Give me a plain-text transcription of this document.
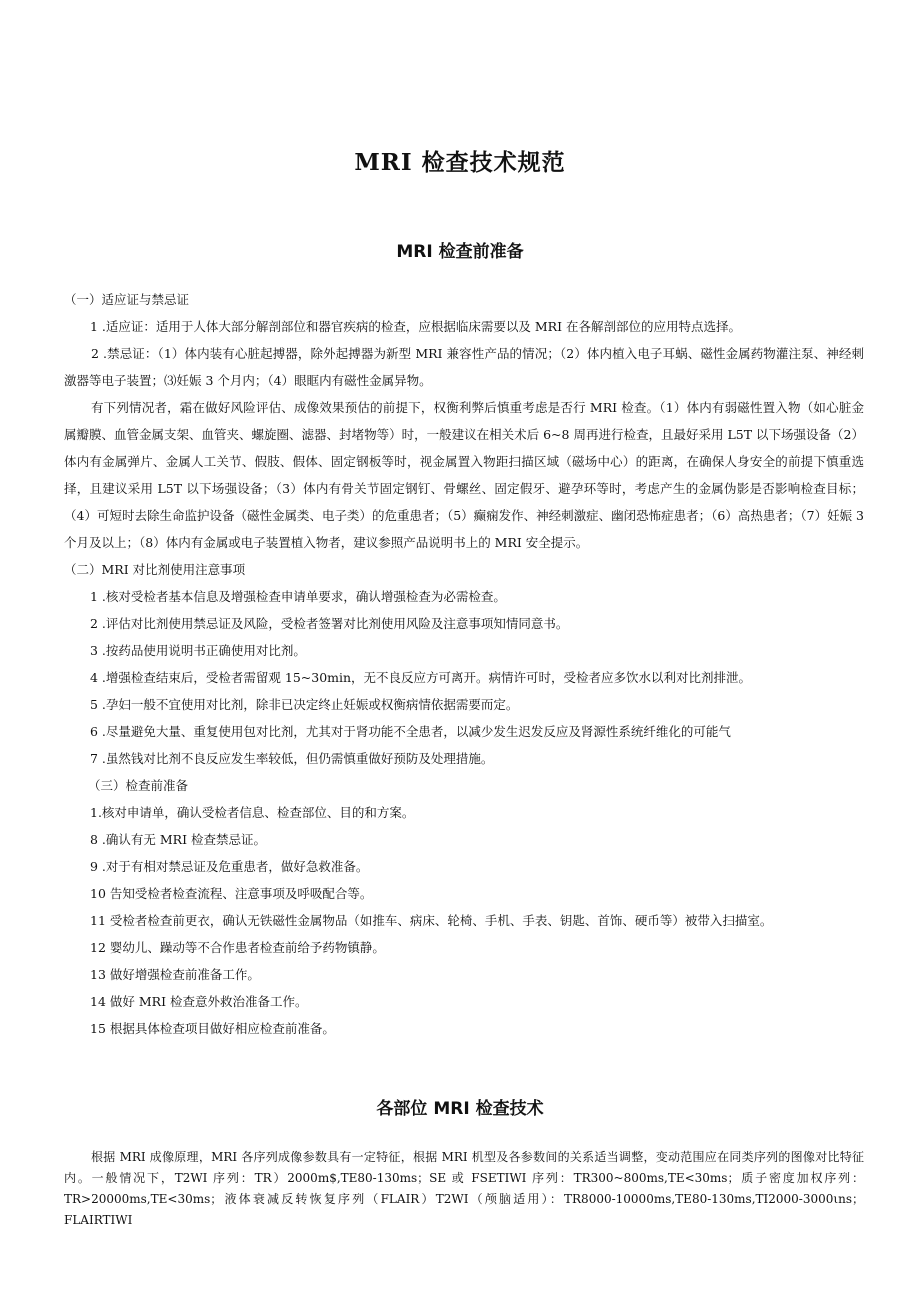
MRI 检查技术规范
MRI 检查前准备
（一）适应证与禁忌证
1 .适应证：适用于人体大部分解剖部位和器官疾病的检查，应根据临床需要以及 MRI 在各解剖部位的应用特点选择。
2 .禁忌证：（1）体内装有心脏起搏器，除外起搏器为新型 MRI 兼容性产品的情况；（2）体内植入电子耳蜗、磁性金属药物灌注泵、神经刺激器等电子装置；⑶妊娠 3 个月内；（4）眼眶内有磁性金属异物。
有下列情况者，霜在做好风险评估、成像效果预估的前提下，权衡利弊后慎重考虑是否行 MRI 检查。（1）体内有弱磁性置入物（如心脏金属瓣膜、血管金属支架、血管夹、螺旋圈、滤器、封堵物等）时，一般建议在相关术后 6~8 周再进行检查，且最好采用 L5T 以下场强设备（2）体内有金属弹片、金属人工关节、假肢、假体、固定钢板等时，视金属置入物距扫描区域（磁场中心）的距离，在确保人身安全的前提下慎重选择，且建议采用 L5T 以下场强设备；（3）体内有骨关节固定钢钉、骨螺丝、固定假牙、避孕环等时，考虑产生的金属伪影是否影响检查目标；（4）可短时去除生命监护设备（磁性金属类、电子类）的危重患者；（5）癫痫发作、神经刺激症、幽闭恐怖症患者；（6）高热患者；（7）妊娠 3 个月及以上；（8）体内有金属或电子装置植入物者，建议参照产品说明书上的 MRI 安全提示。
（二）MRI 对比剂使用注意事项
1 .核对受检者基本信息及增强检查申请单要求，确认增强检查为必需检查。
2 .评估对比剂使用禁忌证及风险，受检者签署对比剂使用风险及注意事项知情同意书。
3 .按药品使用说明书正确使用对比剂。
4 .增强检查结束后，受检者需留观 15~30min，无不良反应方可离开。病情许可时，受检者应多饮水以利对比剂排泄。
5 .孕妇一般不宜使用对比剂，除非已决定终止妊娠或权衡病情依据需要而定。
6 .尽量避免大量、重复使用包对比剂，尤其对于肾功能不全患者，以减少发生迟发反应及肾源性系统纤维化的可能气
7 .虽然钱对比剂不良反应发生率较低，但仍需慎重做好预防及处理措施。
（三）检查前准备
1.核对申请单，确认受检者信息、检查部位、目的和方案。
8 .确认有无 MRI 检查禁忌证。
9 .对于有相对禁忌证及危重患者，做好急救准备。
10 告知受检者检查流程、注意事项及呼吸配合等。
11 受检者检查前更衣，确认无铁磁性金属物品（如推车、病床、轮椅、手机、手表、钥匙、首饰、硬币等）被带入扫描室。
12 婴幼儿、躁动等不合作患者检查前给予药物镇静。
13 做好增强检查前准备工作。
14 做好 MRI 检查意外救治准备工作。
15 根据具体检查项目做好相应检查前准备。
各部位 MRI 检查技术
根据 MRI 成像原理，MRI 各序列成像参数具有一定特征，根据 MRI 机型及各参数间的关系适当调整，变动范围应在同类序列的图像对比特征内。一般情况下，T2WI 序列：TR）2000m$,TE80-130ms；SE 或 FSETIWI 序列：TR300~800ms,TE<30ms；质子密度加权序列：TR>20000ms,TE<30ms；液体衰减反转恢复序列（FLAIR）T2WI（颅脑适用）：TR8000-10000ms,TE80-130ms,TI2000-3000ιns；FLAIRTIWI
